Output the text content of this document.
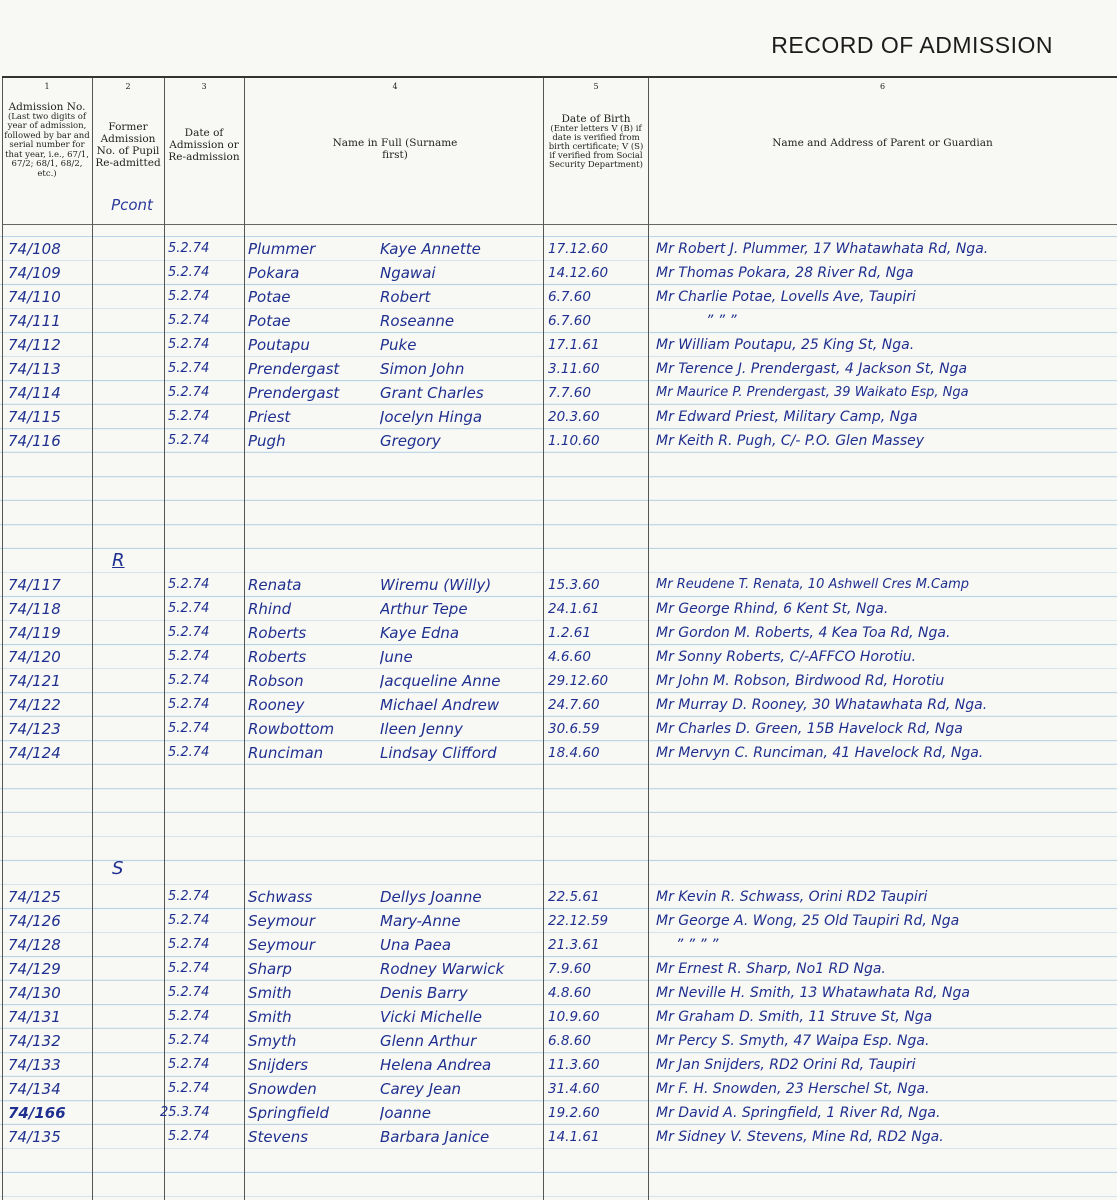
RECORD OF ADMISSION
1
Admission No.
(Last two digits of year of admission, followed by bar and serial number for that year, i.e., 67/1, 67/2; 68/1, 68/2, etc.)
2
Former Admission No. of Pupil Re-admitted
3
Date of Admission or Re-admission
4
Name in Full (Surname first)
5
Date of Birth
(Enter letters V (B) if date is verified from birth certificate; V (S) if verified from Social Security Department)
6
Name and Address of Parent or Guardian
Pcont
74/108	5.2.74	Plummer	Kaye Annette	17.12.60	Mr Robert J. Plummer, 17 Whatawhata Rd, Nga.
74/109	5.2.74	Pokara	Ngawai	14.12.60	Mr Thomas Pokara, 28 River Rd, Nga
74/110	5.2.74	Potae	Robert	6.7.60	Mr Charlie Potae, Lovells Ave, Taupiri
74/111	5.2.74	Potae	Roseanne	6.7.60	” ” ”
74/112	5.2.74	Poutapu	Puke	17.1.61	Mr William Poutapu, 25 King St, Nga.
74/113	5.2.74	Prendergast	Simon John	3.11.60	Mr Terence J. Prendergast, 4 Jackson St, Nga
74/114	5.2.74	Prendergast	Grant Charles	7.7.60	Mr Maurice P. Prendergast, 39 Waikato Esp, Nga
74/115	5.2.74	Priest	Jocelyn Hinga	20.3.60	Mr Edward Priest, Military Camp, Nga
74/116	5.2.74	Pugh	Gregory	1.10.60	Mr Keith R. Pugh, C/- P.O. Glen Massey
R
74/117	5.2.74	Renata	Wiremu (Willy)	15.3.60	Mr Reudene T. Renata, 10 Ashwell Cres M.Camp
74/118	5.2.74	Rhind	Arthur Tepe	24.1.61	Mr George Rhind, 6 Kent St, Nga.
74/119	5.2.74	Roberts	Kaye Edna	1.2.61	Mr Gordon M. Roberts, 4 Kea Toa Rd, Nga.
74/120	5.2.74	Roberts	June	4.6.60	Mr Sonny Roberts, C/-AFFCO Horotiu.
74/121	5.2.74	Robson	Jacqueline Anne	29.12.60	Mr John M. Robson, Birdwood Rd, Horotiu
74/122	5.2.74	Rooney	Michael Andrew	24.7.60	Mr Murray D. Rooney, 30 Whatawhata Rd, Nga.
74/123	5.2.74	Rowbottom	Ileen Jenny	30.6.59	Mr Charles D. Green, 15B Havelock Rd, Nga
74/124	5.2.74	Runciman	Lindsay Clifford	18.4.60	Mr Mervyn C. Runciman, 41 Havelock Rd, Nga.
S
74/125	5.2.74	Schwass	Dellys Joanne	22.5.61	Mr Kevin R. Schwass, Orini RD2 Taupiri
74/126	5.2.74	Seymour	Mary-Anne	22.12.59	Mr George A. Wong, 25 Old Taupiri Rd, Nga
74/128	5.2.74	Seymour	Una Paea	21.3.61	” ” ” ”
74/129	5.2.74	Sharp	Rodney Warwick	7.9.60	Mr Ernest R. Sharp, No1 RD Nga.
74/130	5.2.74	Smith	Denis Barry	4.8.60	Mr Neville H. Smith, 13 Whatawhata Rd, Nga
74/131	5.2.74	Smith	Vicki Michelle	10.9.60	Mr Graham D. Smith, 11 Struve St, Nga
74/132	5.2.74	Smyth	Glenn Arthur	6.8.60	Mr Percy S. Smyth, 47 Waipa Esp. Nga.
74/133	5.2.74	Snijders	Helena Andrea	11.3.60	Mr Jan Snijders, RD2 Orini Rd, Taupiri
74/134	5.2.74	Snowden	Carey Jean	31.4.60	Mr F. H. Snowden, 23 Herschel St, Nga.
74/166	25.3.74	Springfield	Joanne	19.2.60	Mr David A. Springfield, 1 River Rd, Nga.
74/135	5.2.74	Stevens	Barbara Janice	14.1.61	Mr Sidney V. Stevens, Mine Rd, RD2 Nga.
